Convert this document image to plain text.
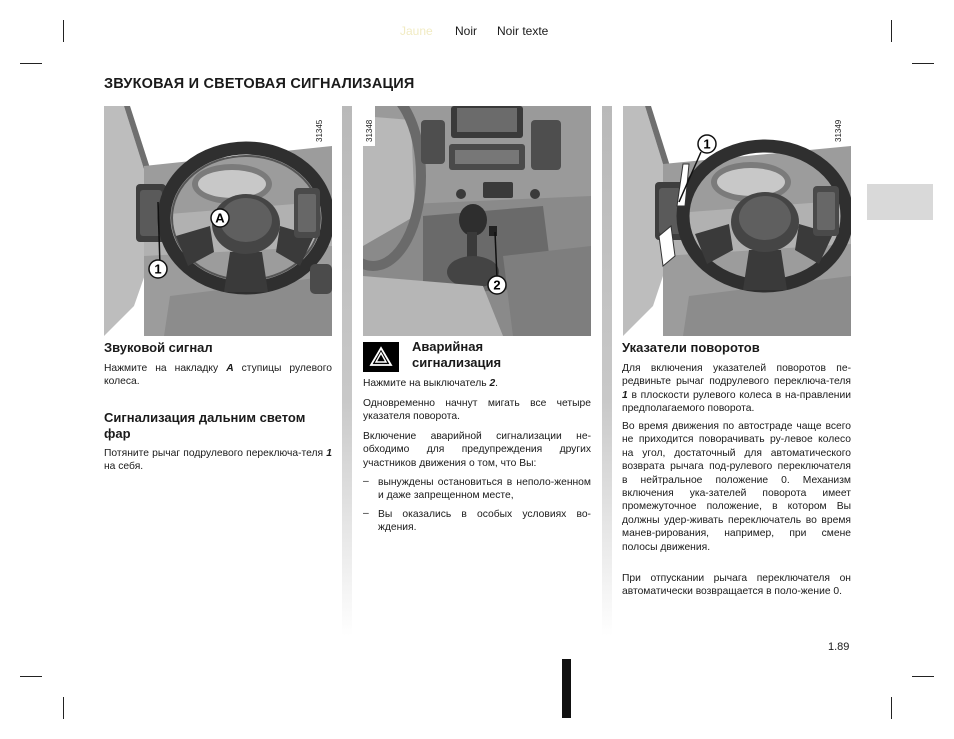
Jaune Noir Noir texte
ЗВУКОВАЯ И СВЕТОВАЯ СИГНАЛИЗАЦИЯ
A
1
31345
2
31348
1
31349
Звуковой сигнал
Нажмите на накладку A ступицы рулевого колеса.
Сигнализация дальним светом фар
Потяните рычаг подрулевого переключа-теля 1 на себя.
Аварийная сигнализация
Нажмите на выключатель 2.
Одновременно начнут мигать все четыре указателя поворота.
Включение аварийной сигнализации не-обходимо для предупреждения других участников движения о том, что Вы:
– вынуждены остановиться в неполо-женном и даже запрещенном месте,
– Вы оказались в особых условиях во-ждения.
Указатели поворотов
Для включения указателей поворотов пе-редвиньте рычаг подрулевого переключа-теля 1 в плоскости рулевого колеса в на-правлении предполагаемого поворота.
Во время движения по автостраде чаще всего не приходится поворачивать ру-левое колесо на угол, достаточный для автоматического возврата рычага под-рулевого переключателя в нейтральное положение 0. Механизм включения ука-зателей поворота имеет промежуточное положение, в котором Вы должны удер-живать переключатель во время манев-рирования, например, при смене полосы движения.
При отпускании рычага переключателя он автоматически возвращается в поло-жение 0.
1.89
